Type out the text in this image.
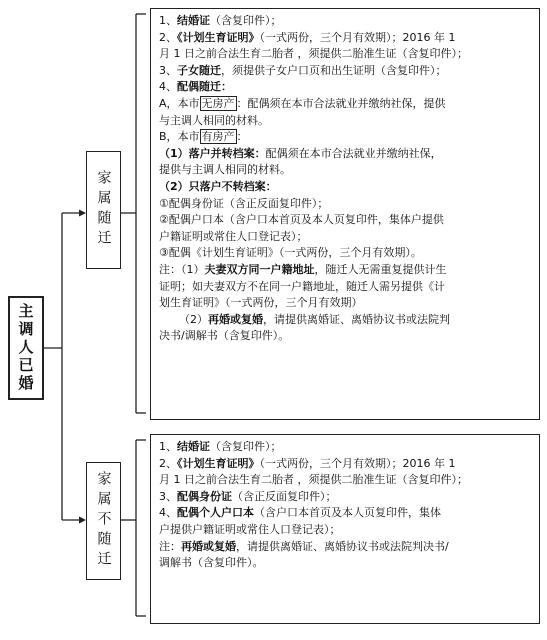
主调人已婚
家属随迁
家属不随迁
1、结婚证（含复印件）；
2、《计划生育证明》（一式两份，三个月有效期）；2016 年 1
月 1 日之前合法生育二胎者 ，须提供二胎准生证（含复印件）；
3、子女随迁，须提供子女户口页和出生证明（含复印件）；
4、配偶随迁：
A，本市 无房产 ：配偶须在本市合法就业并缴纳社保，提供
与主调人相同的材料。
B，本市 有房产 ：
（1）落户并转档案：配偶须在本市合法就业并缴纳社保，
提供与主调人相同的材料。
（2）只落户不转档案：
①配偶身份证（含正反面复印件）；
②配偶户口本（含户口本首页及本人页复印件，集体户提供
户籍证明或常住人口登记表）；
③配偶《计划生育证明》（一式两份，三个月有效期）。
注：（1）夫妻双方同一户籍地址，随迁人无需重复提供计生
证明；如夫妻双方不在同一户籍地址，随迁人需另提供《计
划生育证明》（一式两份，三个月有效期）
（2）再婚或复婚，请提供离婚证、离婚协议书或法院判
决书/调解书（含复印件）。
1、结婚证（含复印件）；
2、《计划生育证明》（一式两份，三个月有效期）；2016 年 1
月 1 日之前合法生育二胎者 ，须提供二胎准生证（含复印件）；
3、配偶身份证（含正反面复印件）；
4、配偶个人户口本（含户口本首页及本人页复印件，集体
户提供户籍证明或常住人口登记表）；
注：再婚或复婚，请提供离婚证、离婚协议书或法院判决书/
调解书（含复印件）。
